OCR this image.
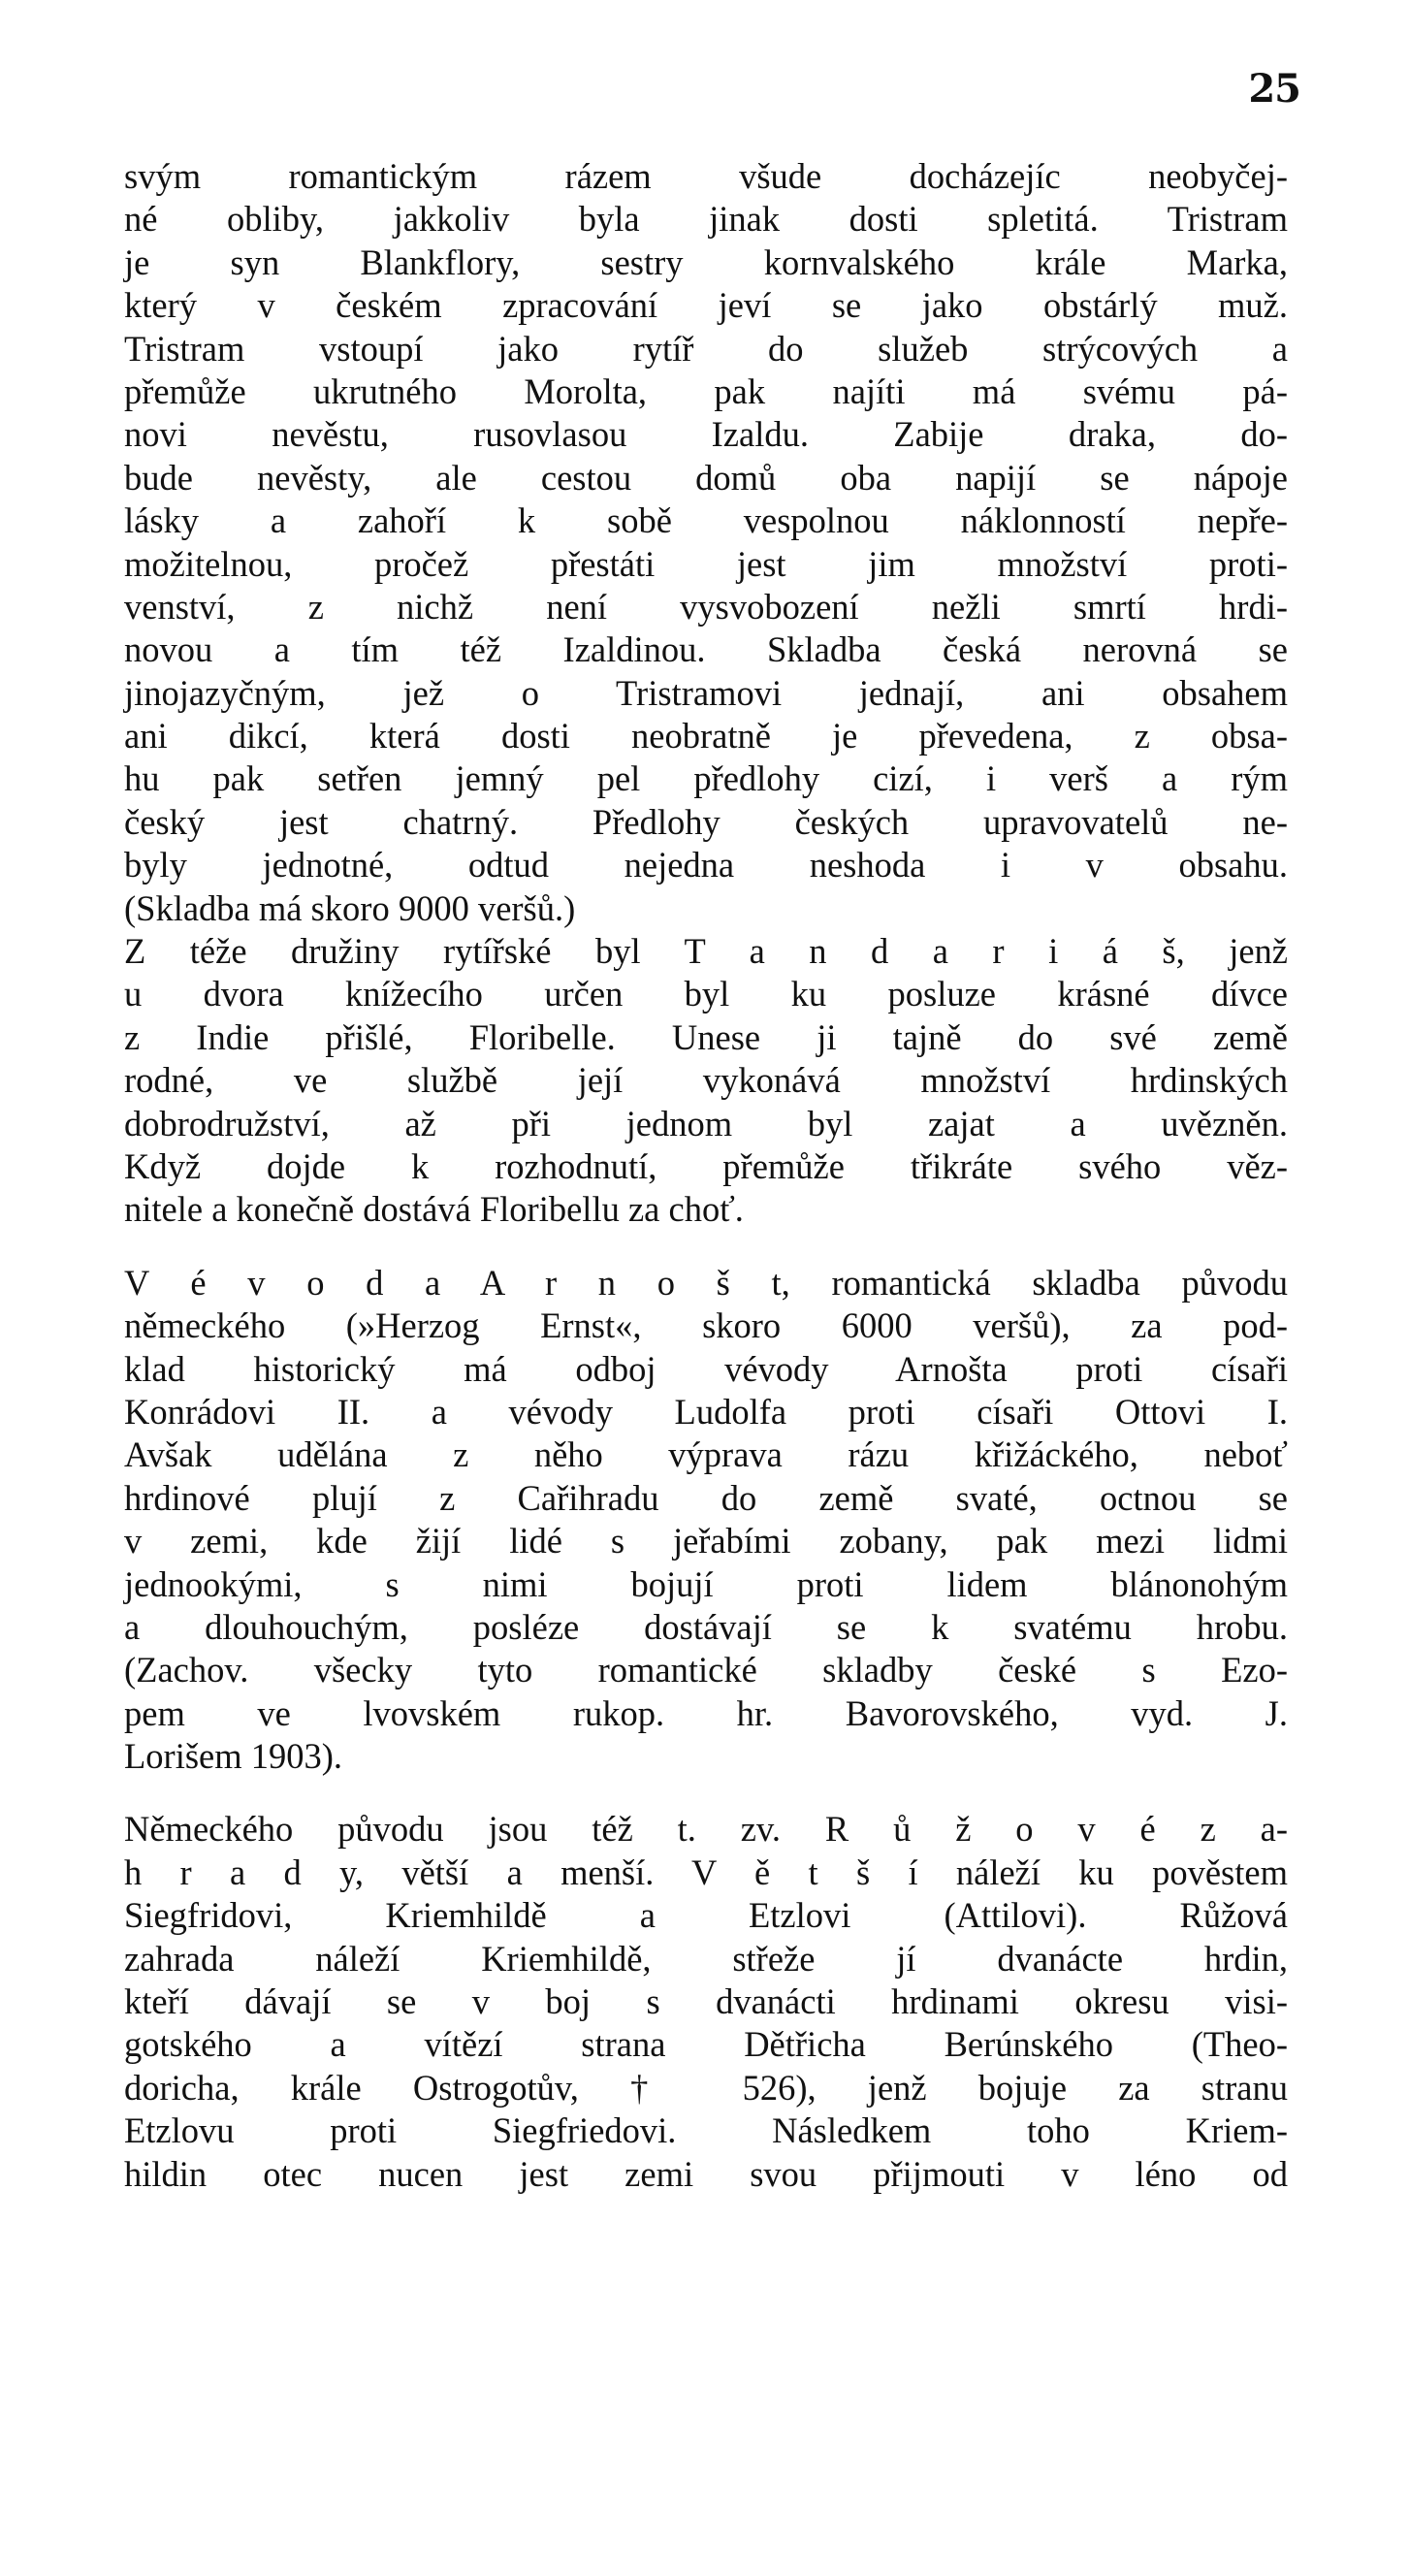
25
svým romantickým rázem všude docházejíc neobyčej-
né obliby, jakkoliv byla jinak dosti spletitá. Tristram
je syn Blankflory, sestry kornvalského krále Marka,
který v českém zpracování jeví se jako obstárlý muž.
Tristram vstoupí jako rytíř do služeb strýcových a
přemůže ukrutného Morolta, pak najíti má svému pá-
novi nevěstu, rusovlasou Izaldu. Zabije draka, do-
bude nevěsty, ale cestou domů oba napijí se nápoje
lásky a zahoří k sobě vespolnou náklonností nepře-
možitelnou, pročež přestáti jest jim množství proti-
venství, z nichž není vysvobození nežli smrtí hrdi-
novou a tím též Izaldinou. Skladba česká nerovná se
jinojazyčným, jež o Tristramovi jednají, ani obsahem
ani dikcí, která dosti neobratně je převedena, z obsa-
hu pak setřen jemný pel předlohy cizí, i verš a rým
český jest chatrný. Předlohy českých upravovatelů ne-
byly jednotné, odtud nejedna neshoda i v obsahu.
(Skladba má skoro 9000 veršů.)
Z téže družiny rytířské byl T a n d a r i á š, jenž
u dvora knížecího určen byl ku posluze krásné dívce
z Indie přišlé, Floribelle. Unese ji tajně do své země
rodné, ve službě její vykonává množství hrdinských
dobrodružství, až při jednom byl zajat a uvězněn.
Když dojde k rozhodnutí, přemůže třikráte svého věz-
nitele a konečně dostává Floribellu za choť.
V é v o d a A r n o š t, romantická skladba původu
německého (»Herzog Ernst«, skoro 6000 veršů), za pod-
klad historický má odboj vévody Arnošta proti císaři
Konrádovi II. a vévody Ludolfa proti císaři Ottovi I.
Avšak udělána z něho výprava rázu křižáckého, neboť
hrdinové plují z Cařihradu do země svaté, octnou se
v zemi, kde žijí lidé s jeřabími zobany, pak mezi lidmi
jednookými, s nimi bojují proti lidem blánonohým
a dlouhouchým, posléze dostávají se k svatému hrobu.
(Zachov. všecky tyto romantické skladby české s Ezo-
pem ve lvovském rukop. hr. Bavorovského, vyd. J.
Lorišem 1903).
Německého původu jsou též t. zv. R ů ž o v é z a-
h r a d y, větší a menší. V ě t š í náleží ku pověstem
Siegfridovi, Kriemhildě a Etzlovi (Attilovi). Růžová
zahrada náleží Kriemhildě, střeže jí dvanácte hrdin,
kteří dávají se v boj s dvanácti hrdinami okresu visi-
gotského a vítězí strana Dětřicha Berúnského (Theo-
doricha, krále Ostrogotův, † 526), jenž bojuje za stranu
Etzlovu proti Siegfriedovi. Následkem toho Kriem-
hildin otec nucen jest zemi svou přijmouti v léno od
